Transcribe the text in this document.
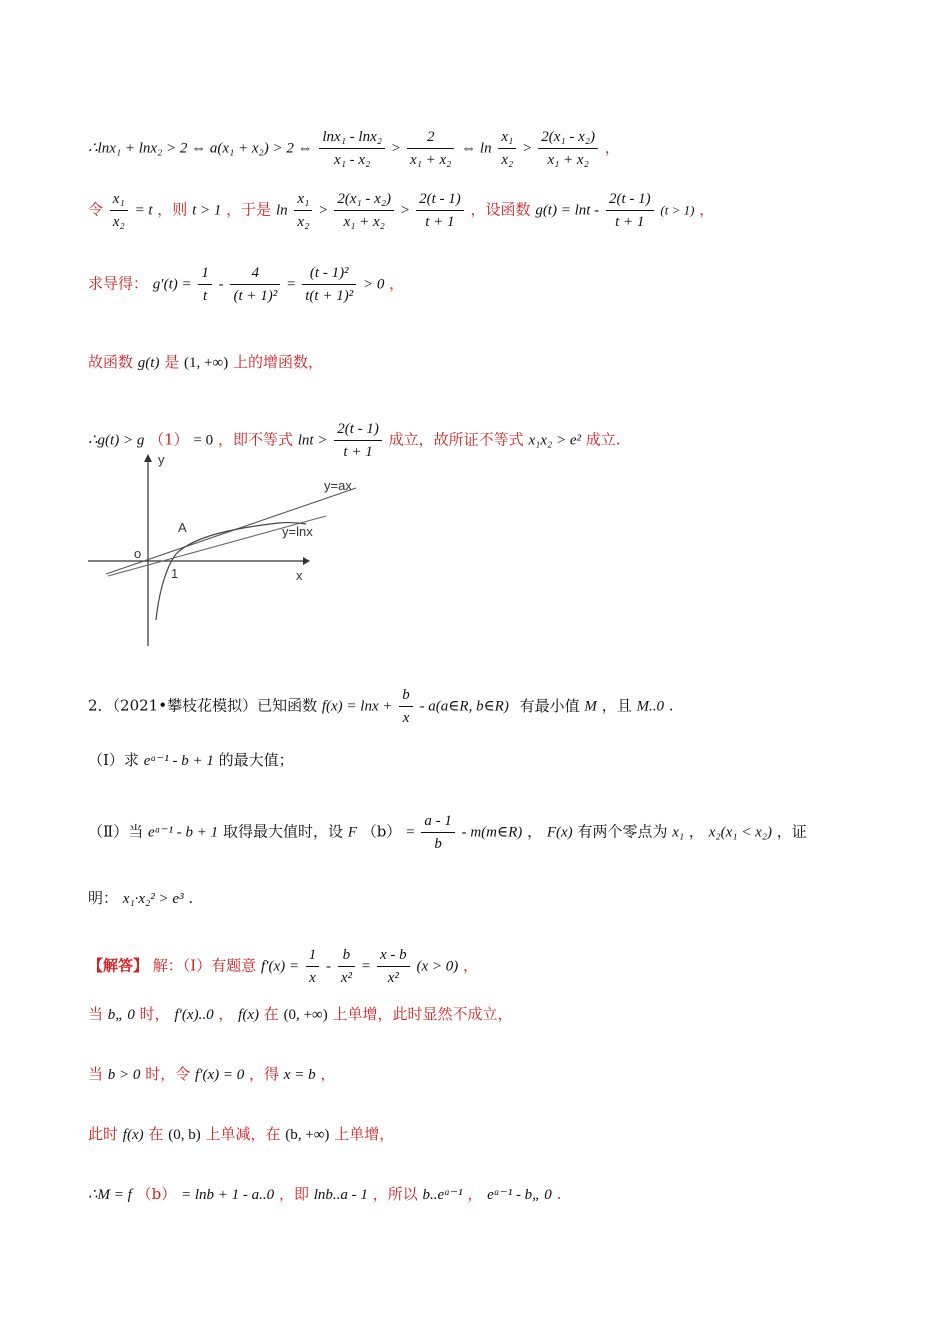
∴lnx₁ + lnx₂ > 2 ⇔ a(x₁ + x₂) > 2 ⇔ $\frac{\text{lnx₁ - lnx₂}}{\text{x₁ - x₂}} > \frac{2}{\text{x₁ + x₂}}$ ⇔ $\ln \frac{\text{x₁}}{\text{x₂}} > \frac{\text{2(x₁ - x₂)}}{\text{x₁ + x₂}}$ ，
令 $\frac{\text{x₁}}{\text{x₂}} = t$ ，则 t > 1 ，于是 $\ln \frac{\text{x₁}}{\text{x₂}} > \frac{\text{2(x₁ - x₂)}}{\text{x₁ + x₂}} > \frac{2(t - 1)}{t + 1}$ ，设函数 $g(t) = \ln t - \frac{2(t - 1)}{t + 1} (t > 1)$ ，
求导得： $g'(t) = \frac{1}{t} - \frac{4}{\text{(t + 1)²}} = \frac{\text{(t - 1)²}}{\text{t(t + 1)²}} > 0$ ，
故函数 g(t) 是 (1, +∞) 上的增函数，
∴g(t) > g （1） = 0 ，即不等式 $\ln t > \frac{2(t - 1)}{t + 1}$ 成立，故所证不等式 x₁x₂ > e² 成立.
y
x
o
1
A
y=ax
y=lnx
2．（2021•攀枝花模拟）已知函数 $f(x) = \ln x + \frac{b}{x}$ - a(a∈R, b∈R) 有最小值 M ，且 M..0 .
（Ⅰ）求 eᵃ⁻¹ - b + 1 的最大值；
（Ⅱ）当 eᵃ⁻¹ - b + 1 取得最大值时，设 F $(b) = \frac{a - 1}{b}$ - m(m∈R) ， F(x) 有两个零点为 x₁ ， x₂(x₁ < x₂) ，证
明： x₁·x₂² > e³ .
【解答】 解：（Ⅰ）有题意 $f'(x) = \frac{1}{x} - \frac{b}{\text{x²}} = \frac{x - b}{\text{x²}} (x > 0)$ ，
当 b„ 0 时， f′(x)..0 ， f(x) 在 (0, +∞) 上单增，此时显然不成立，
当 b > 0 时，令 f′(x) = 0 ，得 x = b ，
此时 f(x) 在 (0, b) 上单减，在 (b, +∞) 上单增，
∴M = f （b） = lnb + 1 - a..0 ，即 lnb..a - 1 ，所以 b..eᵃ⁻¹ ， eᵃ⁻¹ - b„ 0 .
